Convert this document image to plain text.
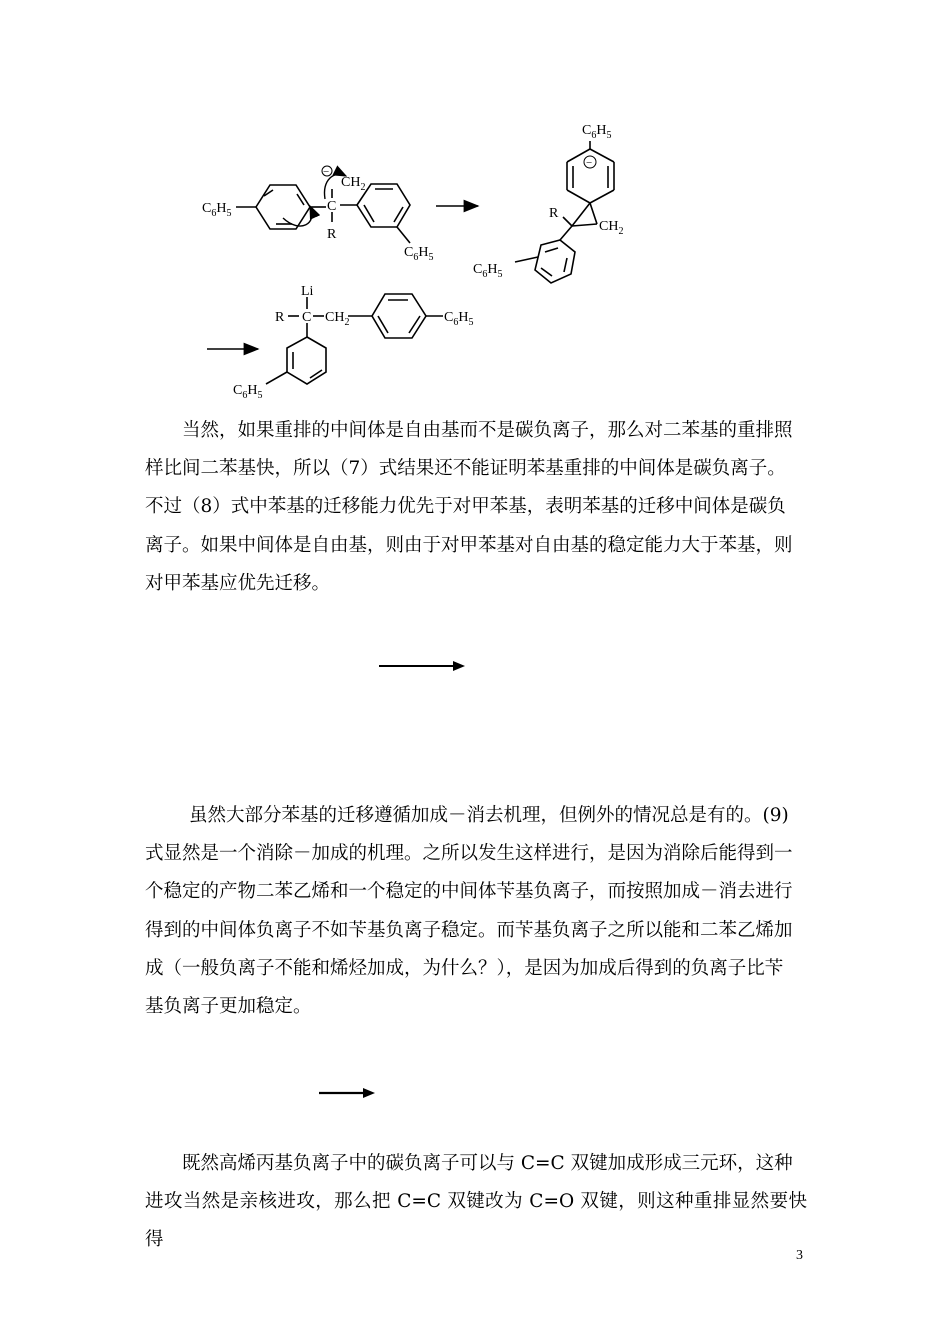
$C_6H_5$	C
$CH_2$
−
R
$C_6H_5$
$C_6H_5$
−
R
$CH_2$
$C_6H_5$
Li
R C $CH_2$	$C_6H_5$
$C_6H_5$
当然，如果重排的中间体是自由基而不是碳负离子，那么对二苯基的重排照
样比间二苯基快，所以（7）式结果还不能证明苯基重排的中间体是碳负离子。
不过（8）式中苯基的迁移能力优先于对甲苯基，表明苯基的迁移中间体是碳负
离子。如果中间体是自由基，则由于对甲苯基对自由基的稳定能力大于苯基，则
对甲苯基应优先迁移。
虽然大部分苯基的迁移遵循加成－消去机理，但例外的情况总是有的。(9)
式显然是一个消除－加成的机理。之所以发生这样进行，是因为消除后能得到一
个稳定的产物二苯乙烯和一个稳定的中间体苄基负离子，而按照加成－消去进行
得到的中间体负离子不如苄基负离子稳定。而苄基负离子之所以能和二苯乙烯加
成（一般负离子不能和烯烃加成，为什么？），是因为加成后得到的负离子比苄
基负离子更加稳定。
既然高烯丙基负离子中的碳负离子可以与 C=C 双键加成形成三元环，这种
进攻当然是亲核进攻，那么把 C=C 双键改为 C=O 双键，则这种重排显然要快得
3
